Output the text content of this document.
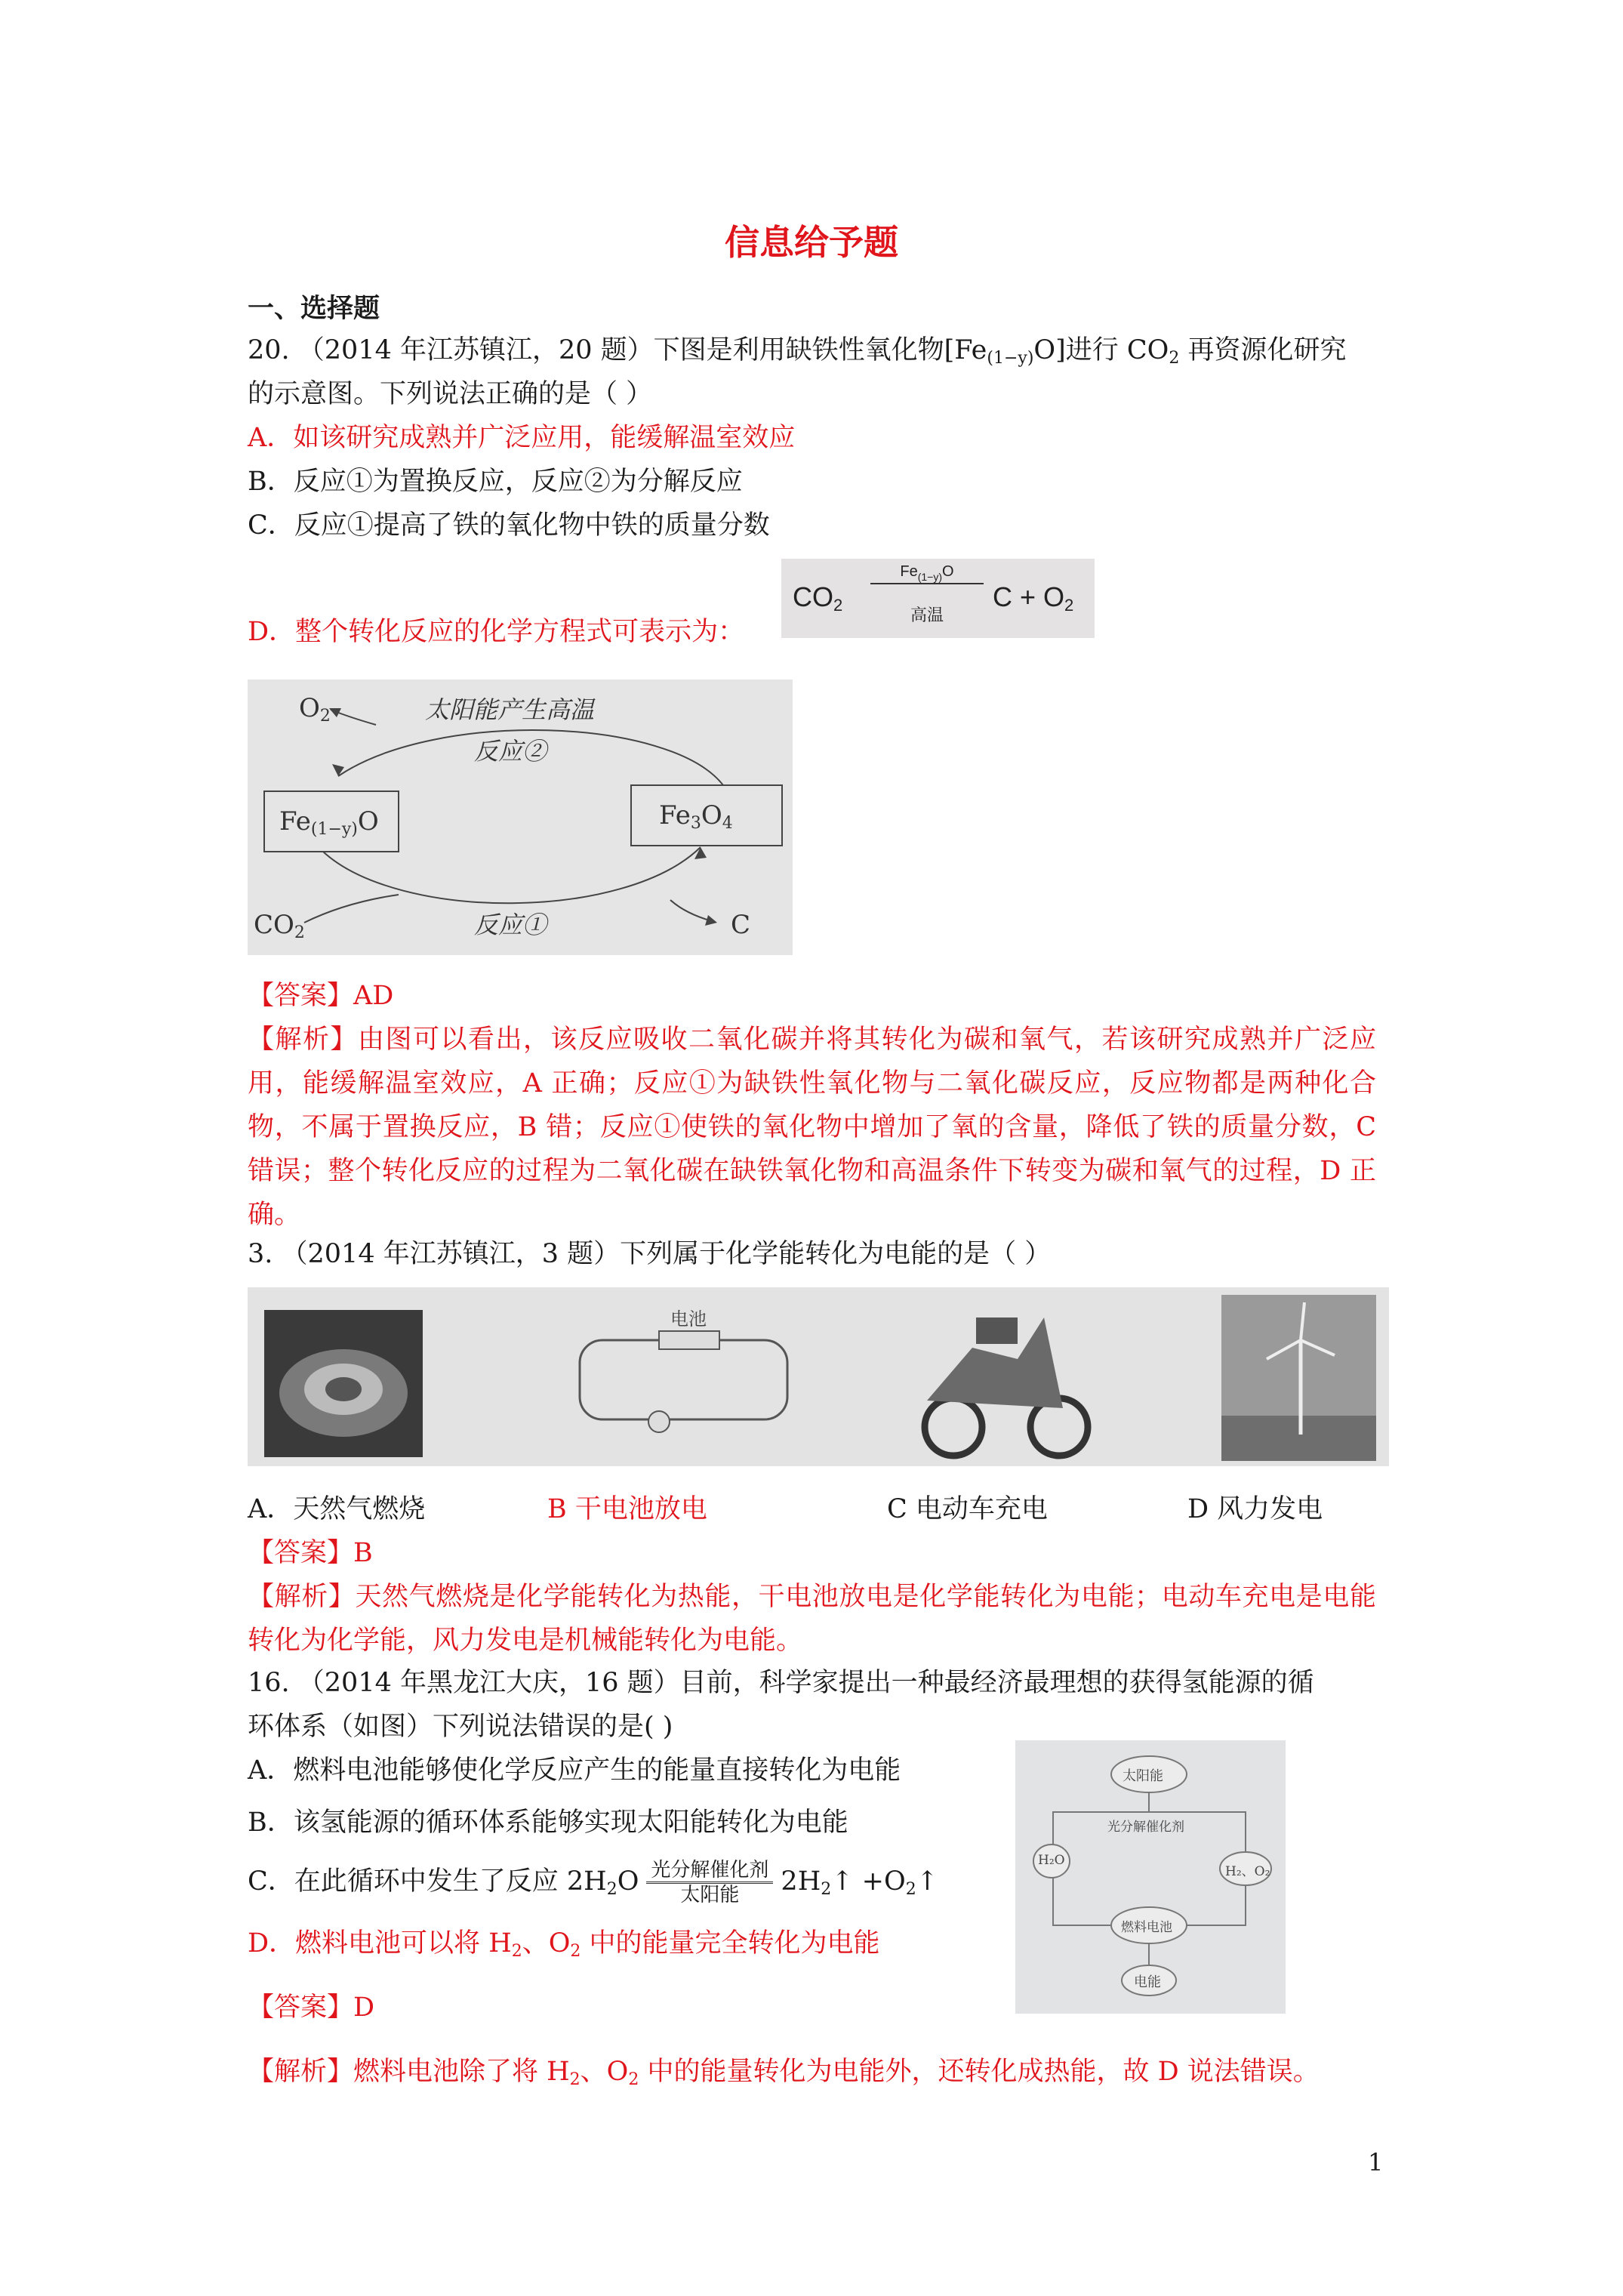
信息给予题
一、选择题
20. （2014 年江苏镇江，20 题）下图是利用缺铁性氧化物$[Fe_{(1-y)}O]$进行 $CO_2$ 再资源化研究
的示意图。下列说法正确的是（ ）
A．如该研究成熟并广泛应用，能缓解温室效应
B．反应①为置换反应，反应②为分解反应
C．反应①提高了铁的氧化物中铁的质量分数
D．整个转化反应的化学方程式可表示为：
$CO_2$
$Fe_{(1-y)}O$
高温
$C + O_2$
$O_2$	太阳能产生高温
反应②
$Fe_{(1-y)}O$	$Fe_3O_4$
$CO_2$	反应①	C
【答案】AD
【解析】由图可以看出，该反应吸收二氧化碳并将其转化为碳和氧气，若该研究成熟并广泛应用，能缓解温室效应，A 正确；反应①为缺铁性氧化物与二氧化碳反应，反应物都是两种化合物，不属于置换反应，B 错；反应①使铁的氧化物中增加了氧的含量，降低了铁的质量分数，C 错误；整个转化反应的过程为二氧化碳在缺铁氧化物和高温条件下转变为碳和氧气的过程，D 正确。
3. （2014 年江苏镇江，3 题）下列属于化学能转化为电能的是（ ）
电池
A．天然气燃烧	B 干电池放电	C 电动车充电	D 风力发电
【答案】B
【解析】天然气燃烧是化学能转化为热能，干电池放电是化学能转化为电能；电动车充电是电能转化为化学能，风力发电是机械能转化为电能。
16. （2014 年黑龙江大庆，16 题）目前，科学家提出一种最经济最理想的获得氢能源的循
环体系（如图）下列说法错误的是( )
A．燃料电池能够使化学反应产生的能量直接转化为电能
B．该氢能源的循环体系能够实现太阳能转化为电能
C．在此循环中发生了反应 $2H_2O \frac{\text{光分解催化剂}}{\text{太阳能}}$ $2H_2↑$ $+O_2↑$
D．燃料电池可以将 $H_2$、$O_2$ 中的能量完全转化为电能
太阳能
光分解催化剂
H₂O
H₂、O₂
燃料电池
电能
【答案】D
【解析】燃料电池除了将 $H_2$、$O_2$ 中的能量转化为电能外，还转化成热能，故 D 说法错误。
1
